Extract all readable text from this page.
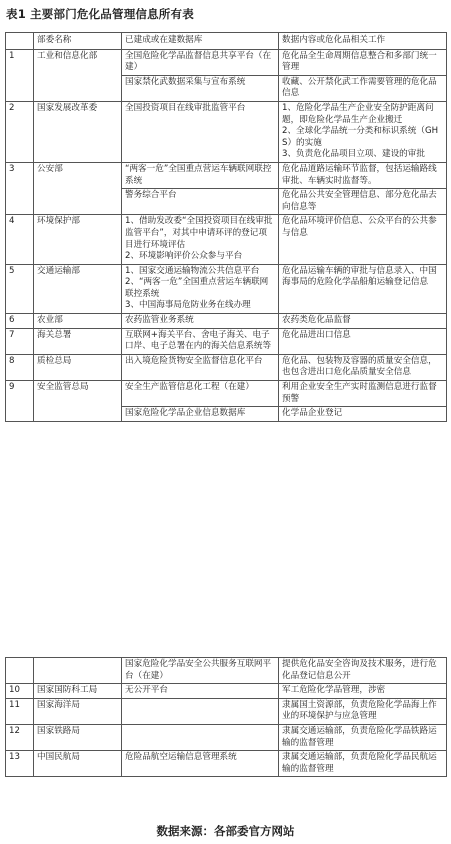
表1 主要部门危化品管理信息所有表
	部委名称	已建成或在建数据库	数据内容或危化品相关工作
1	工业和信息化部	全国危险化学品监督信息共享平台（在建）	危化品全生命周期信息整合和多部门统一管理
		国家禁化武数据采集与宣布系统	收藏、公开禁化武工作需要管理的危化品信息
2	国家发展改革委	全国投资项目在线审批监管平台	1、危险化学品生产企业安全防护距离问题，即危险化学品生产企业搬迁
2、全球化学品统一分类和标识系统（GHS）的实施
3、负责危化品项目立项、建设的审批
3	公安部	“两客一危”全国重点营运车辆联网联控系统	危化品道路运输环节监督，包括运输路线审批、车辆实时监督等。
		警务综合平台	危化品公共安全管理信息、部分危化品去向信息等
4	环境保护部	1、借助发改委“全国投资项目在线审批监管平台”，对其中申请环评的登记项目进行环境评估
2、环境影响评价公众参与平台	危化品环境评价信息、公众平台的公共参与信息
5	交通运输部	1、国家交通运输物流公共信息平台
2、“两客一危”全国重点营运车辆联网联控系统
3、中国海事局危防业务在线办理	危化品运输车辆的审批与信息录入、中国海事局的危险化学品船舶运输登记信息
6	农业部	农药监管业务系统	农药类危化品监督
7	海关总署	互联网+海关平台、舍电子海关、电子口岸、电子总署在内的海关信息系统等	危化品进出口信息
8	质检总局	出入境危险货物安全监督信息化平台	危化品、包装物及容器的质量安全信息，也包含进出口危化品质量安全信息
9	安全监管总局	安全生产监管信息化工程（在建）	利用企业安全生产实时监测信息进行监督预警
		国家危险化学品企业信息数据库	化学品企业登记
		国家危险化学品安全公共服务互联网平台（在建）	提供危化品安全咨询及技术服务，进行危化品登记信息公开
10	国家国防科工局	无公开平台	军工危险化学品管理，涉密
11	国家海洋局		隶属国土资源部，负责危险化学品海上作业的环境保护与应急管理
12	国家铁路局		隶属交通运输部，负责危险化学品铁路运输的监督管理
13	中国民航局	危险品航空运输信息管理系统	隶属交通运输部，负责危险化学品民航运输的监督管理
数据来源：各部委官方网站
